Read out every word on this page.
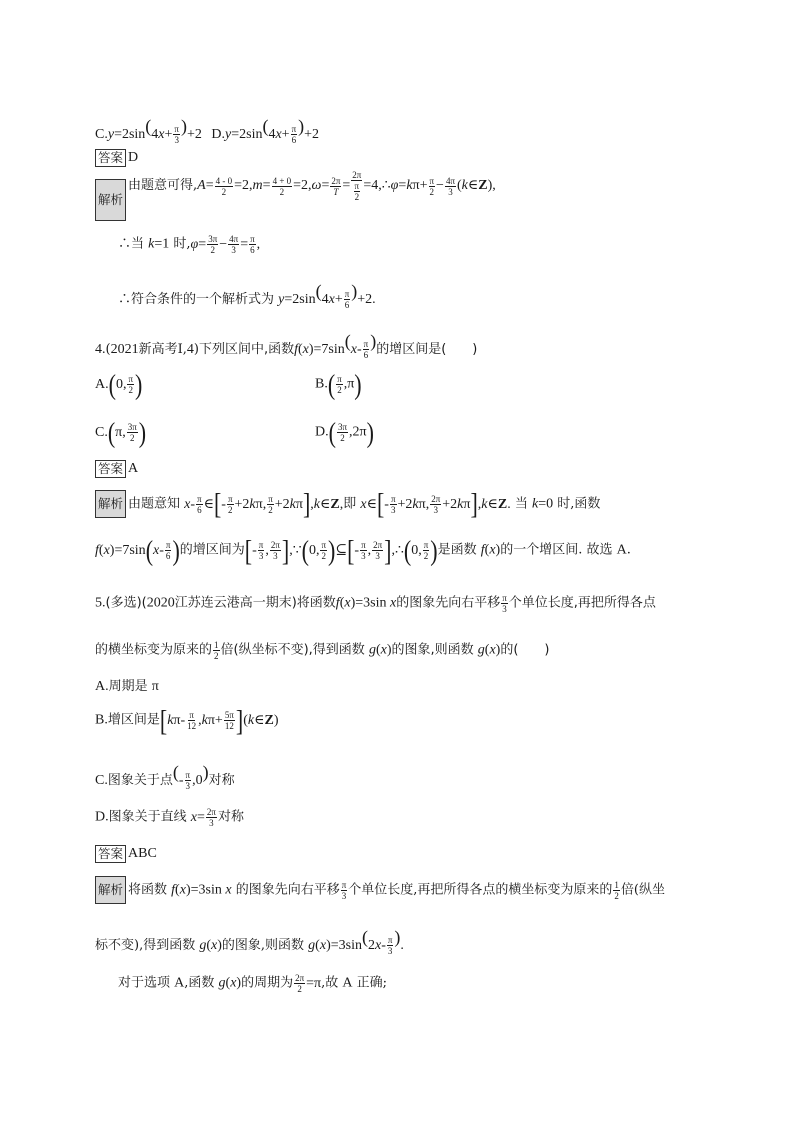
$C.y=2\sin(4x+ \frac{\pi}{3} )+2$ $D.y=2\sin(4x+ \frac{\pi}{6} )+2$
答案 D
解析由题意可得$,A= \frac{4 - 0}{2} =2,m= \frac{4 + 0}{2} =2,\omega= \frac{2\pi}{T} = \frac{2\pi}{\frac{\pi}{2}}$ =4,∴φ=kπ+ $\frac{\pi}{2} - \frac{4\pi}{3}$ (k∈Z),
∴当 k=1 时$,\varphi= \frac{3\pi}{2} - \frac{4\pi}{3} = \frac{\pi}{6}$ ,
∴符合条件的一个解析式为 $y=2\sin(4x+ \frac{\pi}{6} )+2$.
4.(2021新高考Ⅰ,4)下列区间中,函数$f(x)=7\sin(x- \frac{\pi}{6}$ )的增区间是(　　)
A.(0, $\frac{\pi}{2}$ )	$B.( \frac{\pi}{2} ,\pi)$
C.(π, $\frac{3\pi}{2}$ )	$D.( \frac{3\pi}{2} ,2\pi)$
答案 A
解析 由题意知 $x- \frac{\pi}{6}$ ∈[- $\frac{\pi}{2} +2k\pi$, $\frac{\pi}{2}$ +2kπ],k∈Z,即 x∈[- $\frac{\pi}{3} +2k\pi$, $\frac{2\pi}{3}$ +2kπ],k∈Z. 当 k=0 时,函数
$f(x)=7\sin(x- \frac{\pi}{6}$ )的增区间为[- $\frac{\pi}{3}$ , $\frac{2\pi}{3}$ ],∵(0, $\frac{\pi}{2}$ )⊆[- $\frac{\pi}{3}$ , $\frac{2\pi}{3}$ ],∴(0, $\frac{\pi}{2}$ )是函数 f(x)的一个增区间. 故选 A.
5.(多选)(2020江苏连云港高一期末)将函数f(x)=3sin x的图象先向右平移 $\frac{\pi}{3}$ 个单位长度,再把所得各点
的横坐标变为原来的 $\frac{1}{2}$ 倍(纵坐标不变),得到函数 g(x)的图象,则函数 g(x)的(　　)
A.周期是 π
B.增区间是[$k\pi- \frac{\pi}{12} ,k\pi+ \frac{5\pi}{12}$ ](k∈Z)
C.图象关于点(- $\frac{\pi}{3} ,0$)对称
D.图象关于直线 $x= \frac{2\pi}{3}$ 对称
答案 ABC
解析 将函数 f(x)=3sin x 的图象先向右平移 $\frac{\pi}{3}$ 个单位长度,再把所得各点的横坐标变为原来的 $\frac{1}{2}$ 倍(纵坐
标不变),得到函数 g(x)的图象,则函数 $g(x)=3\sin(2x- \frac{\pi}{3}$ ).
对于选项 A,函数 g(x)的周期为 $\frac{2\pi}{2} =\pi$,故 A 正确;
